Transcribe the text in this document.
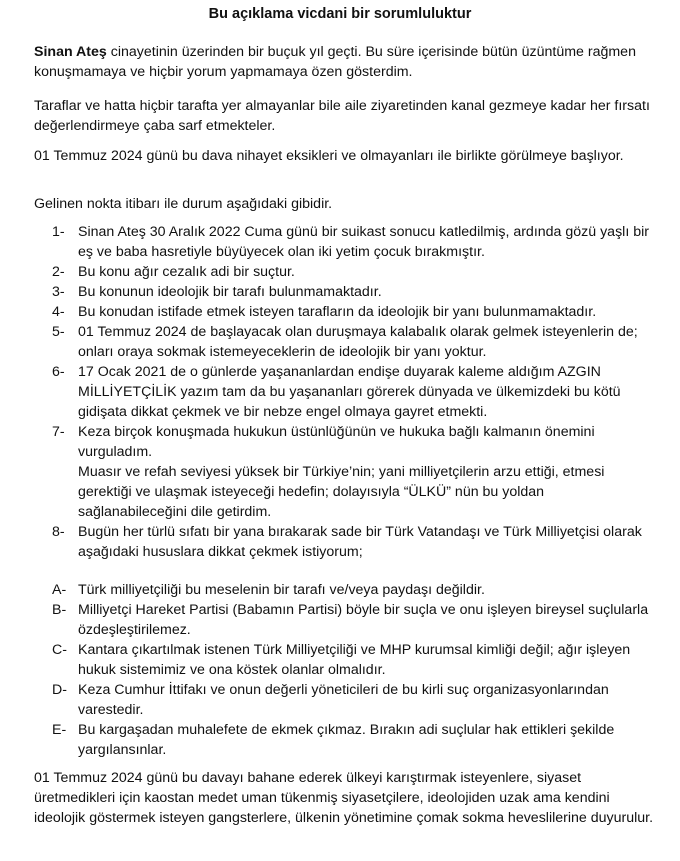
Bu açıklama vicdani bir sorumluluktur

Sinan Ateş cinayetinin üzerinden bir buçuk yıl geçti. Bu süre içerisinde bütün üzüntüme rağmen konuşmamaya ve hiçbir yorum yapmamaya özen gösterdim.

Taraflar ve hatta hiçbir tarafta yer almayanlar bile aile ziyaretinden kanal gezmeye kadar her fırsatı değerlendirmeye çaba sarf etmekteler.

01 Temmuz 2024 günü bu dava nihayet eksikleri ve olmayanları ile birlikte görülmeye başlıyor.

Gelinen nokta itibarı ile durum aşağıdaki gibidir.

1- Sinan Ateş 30 Aralık 2022 Cuma günü bir suikast sonucu katledilmiş, ardında gözü yaşlı bir eş ve baba hasretiyle büyüyecek olan iki yetim çocuk bırakmıştır.
2- Bu konu ağır cezalık adi bir suçtur.
3- Bu konunun ideolojik bir tarafı bulunmamaktadır.
4- Bu konudan istifade etmek isteyen tarafların da ideolojik bir yanı bulunmamaktadır.
5- 01 Temmuz 2024 de başlayacak olan duruşmaya kalabalık olarak gelmek isteyenlerin de; onları oraya sokmak istemeyeceklerin de ideolojik bir yanı yoktur.
6- 17 Ocak 2021 de o günlerde yaşananlardan endişe duyarak kaleme aldığım AZGIN MİLLİYETÇİLİK yazım tam da bu yaşananları görerek dünyada ve ülkemizdeki bu kötü gidişata dikkat çekmek ve bir nebze engel olmaya gayret etmekti.
7- Keza birçok konuşmada hukukun üstünlüğünün ve hukuka bağlı kalmanın önemini vurguladım.
Muasır ve refah seviyesi yüksek bir Türkiye’nin; yani milliyetçilerin arzu ettiği, etmesi gerektiği ve ulaşmak isteyeceği hedefin; dolayısıyla “ÜLKÜ” nün bu yoldan sağlanabileceğini dile getirdim.
8- Bugün her türlü sıfatı bir yana bırakarak sade bir Türk Vatandaşı ve Türk Milliyetçisi olarak aşağıdaki hususlara dikkat çekmek istiyorum;
A- Türk milliyetçiliği bu meselenin bir tarafı ve/veya paydaşı değildir.
B- Milliyetçi Hareket Partisi (Babamın Partisi) böyle bir suçla ve onu işleyen bireysel suçlularla özdeşleştirilemez.
C- Kantara çıkartılmak istenen Türk Milliyetçiliği ve MHP kurumsal kimliği değil; ağır işleyen hukuk sistemimiz ve ona köstek olanlar olmalıdır.
D- Keza Cumhur İttifakı ve onun değerli yöneticileri de bu kirli suç organizasyonlarından varestedir.
E- Bu kargaşadan muhalefete de ekmek çıkmaz. Bırakın adi suçlular hak ettikleri şekilde yargılansınlar.

01 Temmuz 2024 günü bu davayı bahane ederek ülkeyi karıştırmak isteyenlere, siyaset üretmedikleri için kaostan medet uman tükenmiş siyasetçilere, ideolojiden uzak ama kendini ideolojik göstermek isteyen gangsterlere, ülkenin yönetimine çomak sokma heveslilerine duyurulur.
